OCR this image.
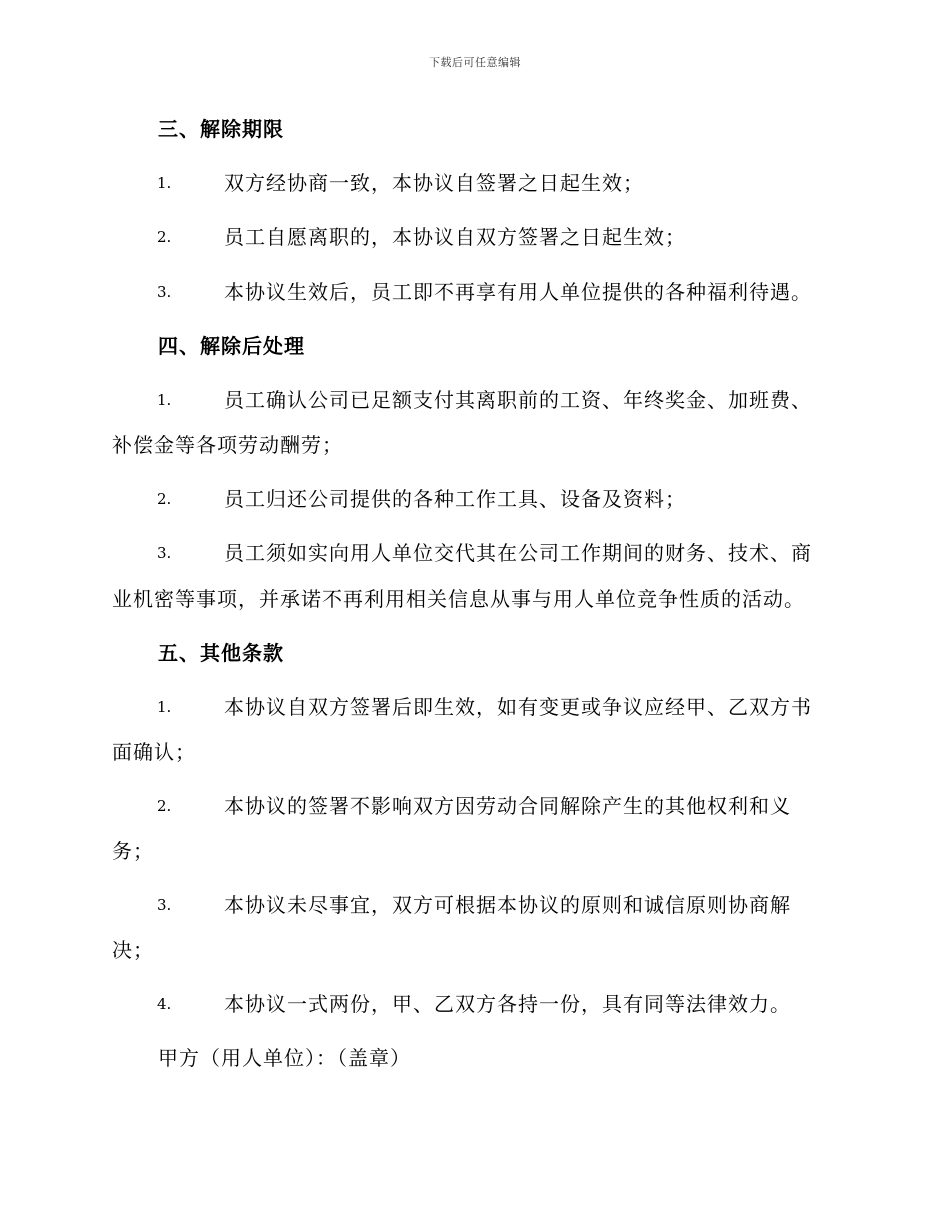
下载后可任意编辑
三、解除期限
1.	双方经协商一致，本协议自签署之日起生效；
2.	员工自愿离职的，本协议自双方签署之日起生效；
3.	本协议生效后，员工即不再享有用人单位提供的各种福利待遇。
四、解除后处理
1.	员工确认公司已足额支付其离职前的工资、年终奖金、加班费、
补偿金等各项劳动酬劳；
2.	员工归还公司提供的各种工作工具、设备及资料；
3.	员工须如实向用人单位交代其在公司工作期间的财务、技术、商
业机密等事项，并承诺不再利用相关信息从事与用人单位竞争性质的活动。
五、其他条款
1.	本协议自双方签署后即生效，如有变更或争议应经甲、乙双方书
面确认；
2.	本协议的签署不影响双方因劳动合同解除产生的其他权利和义
务；
3.	本协议未尽事宜，双方可根据本协议的原则和诚信原则协商解
决；
4.	本协议一式两份，甲、乙双方各持一份，具有同等法律效力。
甲方（用人单位）：（盖章）
